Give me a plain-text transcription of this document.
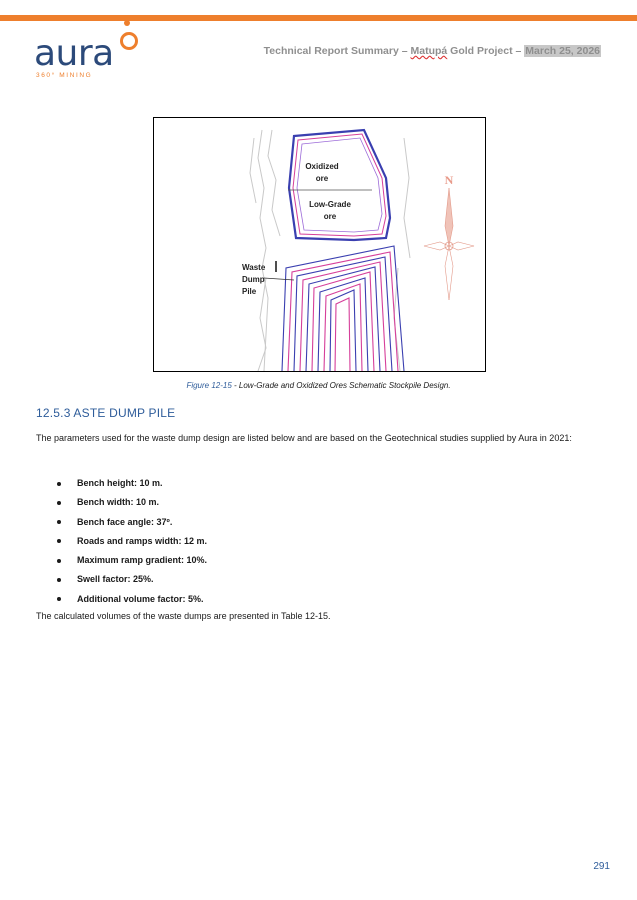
aura
360° MINING
Technical Report Summary – Matupá Gold Project – March 25, 2026
Oxidized
ore
Low-Grade
ore
Waste
Dump
Pile
N
Figure 12-15 - Low-Grade and Oxidized Ores Schematic Stockpile Design.
12.5.3 ASTE DUMP PILE
The parameters used for the waste dump design are listed below and are based on the Geotechnical studies supplied by Aura in 2021:
Bench height: 10 m.
Bench width: 10 m.
Bench face angle: 37º.
Roads and ramps width: 12 m.
Maximum ramp gradient: 10%.
Swell factor: 25%.
Additional volume factor: 5%.
The calculated volumes of the waste dumps are presented in Table 12-15.
291
